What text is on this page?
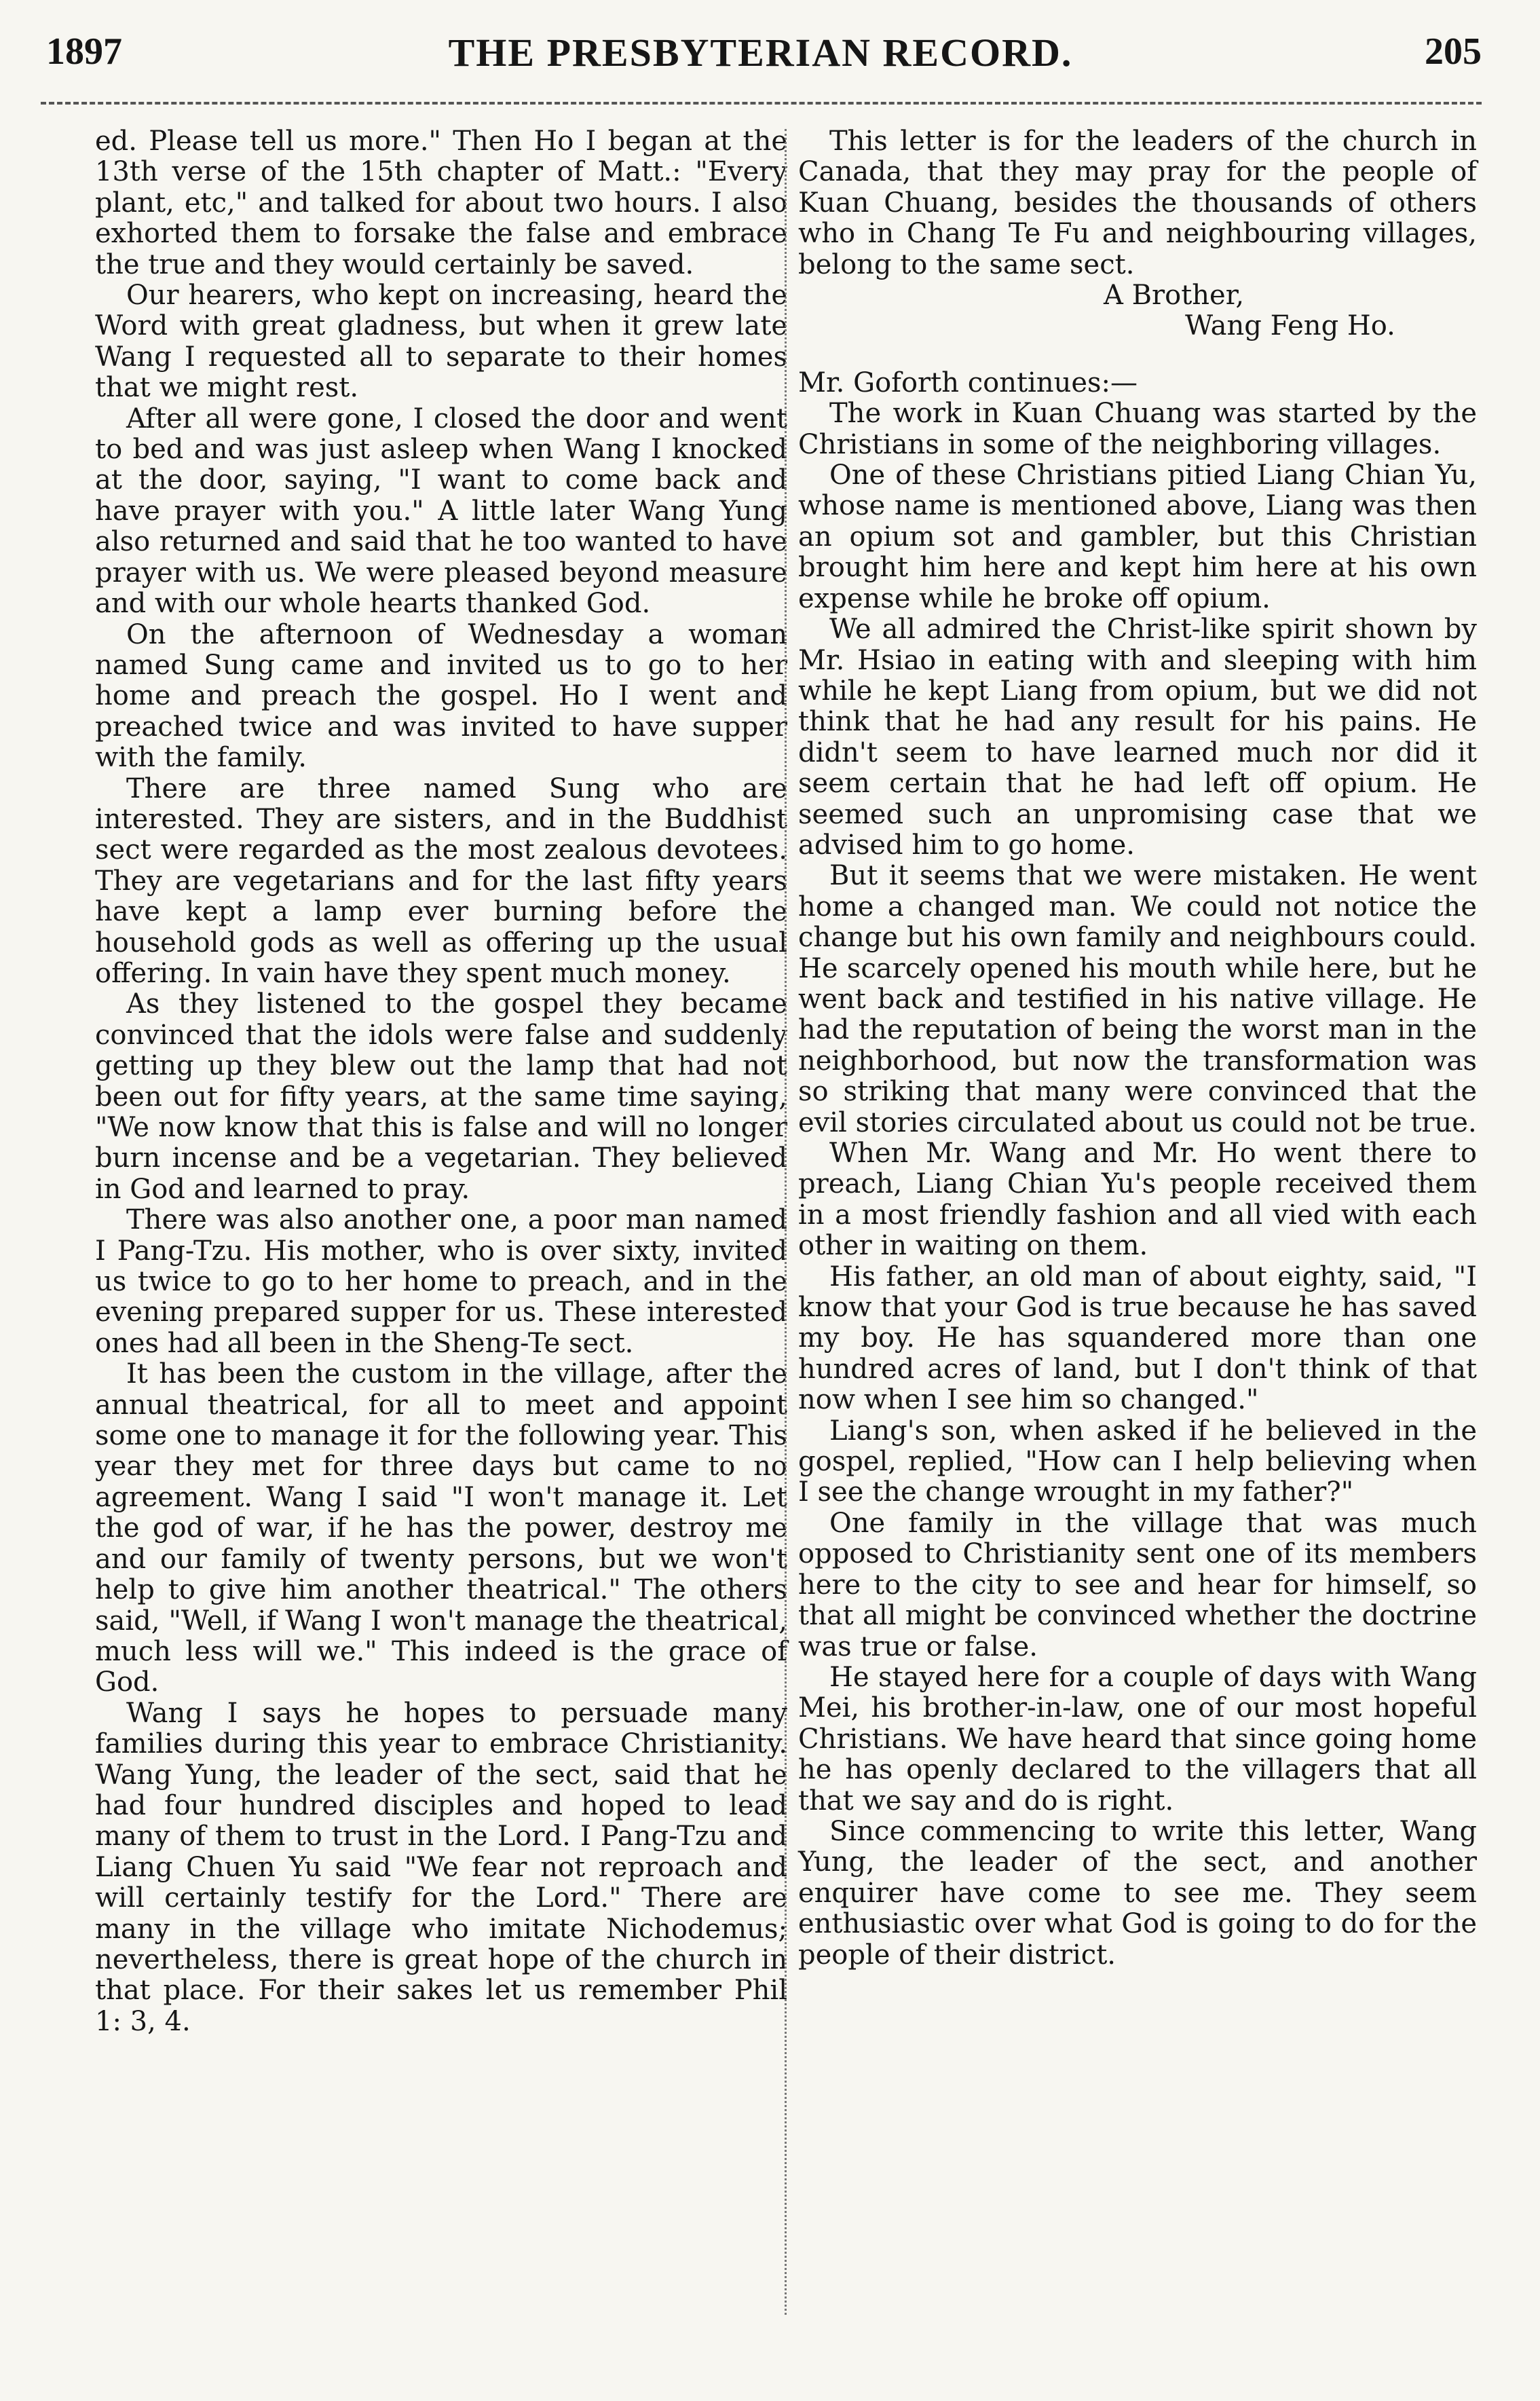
1897	THE PRESBYTERIAN RECORD.	205

ed. Please tell us more." Then Ho I began at the 13th verse of the 15th chapter of Matt.: "Every plant, etc," and talked for about two hours. I also exhorted them to forsake the false and embrace the true and they would certainly be saved.

Our hearers, who kept on increasing, heard the Word with great gladness, but when it grew late Wang I requested all to separate to their homes that we might rest.

After all were gone, I closed the door and went to bed and was just asleep when Wang I knocked at the door, saying, "I want to come back and have prayer with you." A little later Wang Yung also returned and said that he too wanted to have prayer with us. We were pleased beyond measure and with our whole hearts thanked God.

On the afternoon of Wednesday a woman named Sung came and invited us to go to her home and preach the gospel. Ho I went and preached twice and was invited to have supper with the family.

There are three named Sung who are interested. They are sisters, and in the Buddhist sect were regarded as the most zealous devotees. They are vegetarians and for the last fifty years have kept a lamp ever burning before the household gods as well as offering up the usual offering. In vain have they spent much money.

As they listened to the gospel they became convinced that the idols were false and suddenly getting up they blew out the lamp that had not been out for fifty years, at the same time saying, "We now know that this is false and will no longer burn incense and be a vegetarian. They believed in God and learned to pray.

There was also another one, a poor man named I Pang-Tzu. His mother, who is over sixty, invited us twice to go to her home to preach, and in the evening prepared supper for us. These interested ones had all been in the Sheng-Te sect.

It has been the custom in the village, after the annual theatrical, for all to meet and appoint some one to manage it for the following year. This year they met for three days but came to no agreement. Wang I said "I won't manage it. Let the god of war, if he has the power, destroy me and our family of twenty persons, but we won't help to give him another theatrical." The others said, "Well, if Wang I won't manage the theatrical, much less will we." This indeed is the grace of God.

Wang I says he hopes to persuade many families during this year to embrace Christianity. Wang Yung, the leader of the sect, said that he had four hundred disciples and hoped to lead many of them to trust in the Lord. I Pang-Tzu and Liang Chuen Yu said "We fear not reproach and will certainly testify for the Lord." There are many in the village who imitate Nichodemus; nevertheless, there is great hope of the church in that place. For their sakes let us remember Phil 1: 3, 4.

This letter is for the leaders of the church in Canada, that they may pray for the people of Kuan Chuang, besides the thousands of others who in Chang Te Fu and neighbouring villages, belong to the same sect.

A Brother,
Wang Feng Ho.

Mr. Goforth continues:—

The work in Kuan Chuang was started by the Christians in some of the neighboring villages.

One of these Christians pitied Liang Chian Yu, whose name is mentioned above, Liang was then an opium sot and gambler, but this Christian brought him here and kept him here at his own expense while he broke off opium.

We all admired the Christ-like spirit shown by Mr. Hsiao in eating with and sleeping with him while he kept Liang from opium, but we did not think that he had any result for his pains. He didn't seem to have learned much nor did it seem certain that he had left off opium. He seemed such an unpromising case that we advised him to go home.

But it seems that we were mistaken. He went home a changed man. We could not notice the change but his own family and neighbours could. He scarcely opened his mouth while here, but he went back and testified in his native village. He had the reputation of being the worst man in the neighborhood, but now the transformation was so striking that many were convinced that the evil stories circulated about us could not be true.

When Mr. Wang and Mr. Ho went there to preach, Liang Chian Yu's people received them in a most friendly fashion and all vied with each other in waiting on them.

His father, an old man of about eighty, said, "I know that your God is true because he has saved my boy. He has squandered more than one hundred acres of land, but I don't think of that now when I see him so changed."

Liang's son, when asked if he believed in the gospel, replied, "How can I help believing when I see the change wrought in my father?"

One family in the village that was much opposed to Christianity sent one of its members here to the city to see and hear for himself, so that all might be convinced whether the doctrine was true or false.

He stayed here for a couple of days with Wang Mei, his brother-in-law, one of our most hopeful Christians. We have heard that since going home he has openly declared to the villagers that all that we say and do is right.

Since commencing to write this letter, Wang Yung, the leader of the sect, and another enquirer have come to see me. They seem enthusiastic over what God is going to do for the people of their district.
